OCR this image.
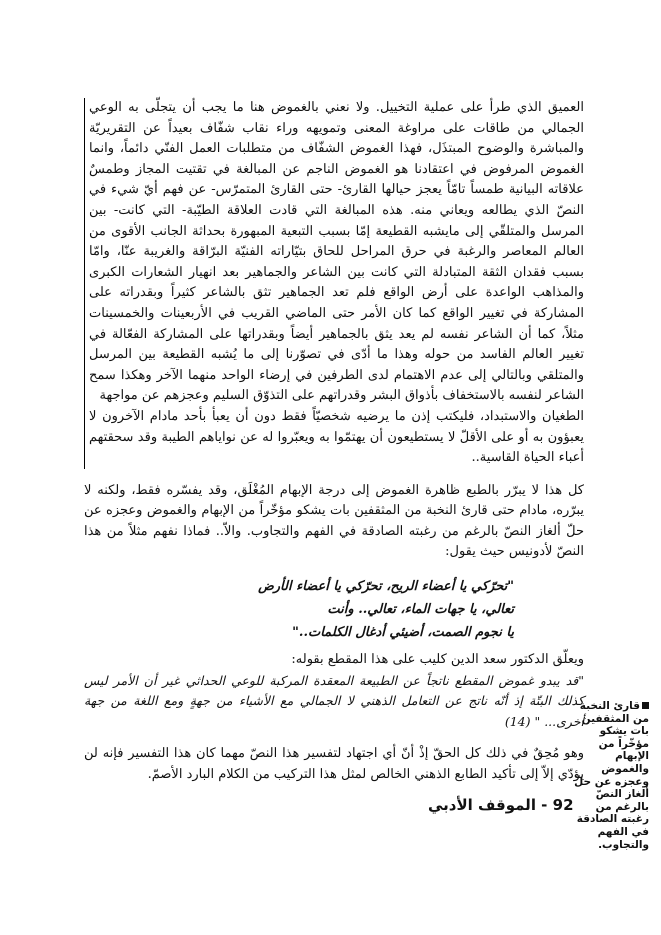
العميق الذي طرأ على عملية التخييل. ولا نعني بالغموض هنا ما يجب أن يتجلّى به الوعي الجمالي من طاقات على مراوغة المعنى وتمويهه وراء نقاب شفّاف بعيداً عن التقريريّة والمباشرة والوضوح المبتذَل، فهذا الغموض الشفّاف من متطلبات العمل الفنّي دائماً، وانما الغموض المرفوض في اعتقادنا هو الغموض الناجم عن المبالغة في تقتيت المجاز وطمسٌ علاقاته البيانية طمساً تامّاً يعجز حيالها القارئ- حتى القارئ المتمرّس- عن فهم أيّ شيء في النصّ الذي يطالعه ويعاني منه. هذه المبالغة التي قادت العلاقة الطيّبة- التي كانت- بين المرسل والمتلقّي إلى مايشبه القطيعة إمّا بسبب التبعية المبهورة بحداثة الجانب الأقوى من العالم المعاصر والرغبة في حرق المراحل للحاق بتيّاراته الفنيّة البرّاقة والغريبة عنّا، وامّا بسبب فقدان الثقة المتبادلة التي كانت بين الشاعر والجماهير بعد انهيار الشعارات الكبرى والمذاهب الواعدة على أرض الواقع فلم تعد الجماهير تثق بالشاعر كثيراً وبقدراته على المشاركة في تغيير الواقع كما كان الأمر حتى الماضي القريب في الأربعينات والخمسينات مثلاً، كما أن الشاعر نفسه لم يعد يثق بالجماهير أيضاً وبقدراتها على المشاركة الفعّالة في تغيير العالم الفاسد من حوله وهذا ما أدّى في تصوّرنا إلى ما يُشبه القطيعة بين المرسل والمتلقي وبالتالي إلى عدم الاهتمام لدى الطرفين في إرضاء الواحد منهما الآخر وهكذا سمح الشاعر لنفسه بالاستخفاف بأذواق البشر وقدراتهم على التذوّق السليم وعجزهم عن مواجهة

الطغيان والاستبداد، فليكتب إذن ما يرضيه شخصيّاً فقط دون أن يعبأ بأحد مادام الآخرون لا يعبؤون به أو على الأقلّ لا يستطيعون أن يهتمّوا به ويعبّروا له عن نواياهم الطيبة وقد سحقتهم أعباء الحياة القاسية..

كل هذا لا يبرّر بالطبع ظاهرة الغموض إلى درجة الإبهام المُغْلَق، وقد يفسّره فقط، ولكنه لا يبرّره، مادام حتى قارئ النخبة من المثقفين بات يشكو مؤخّراً من الإبهام والغموض وعجزه عن حلّ ألغاز النصّ بالرغم من رغبته الصادقة في الفهم والتجاوب. والاّ.. فماذا نفهم مثلاً من هذا النصّ لأدونيس حيث يقول:

"تحرّكي يا أعضاء الريح، تحرّكي يا أعضاء الأرض
تعالي، يا جهات الماء، تعالي.. وأنت
يا نجوم الصمت، أضيئي أدغال الكلمات.."

ويعلّق الدكتور سعد الدين كليب على هذا المقطع بقوله:

"قد يبدو غموض المقطع ناتجاً عن الطبيعة المعقدة المركبة للوعي الحداثي غير أن الأمر ليس كذلك البتّة إذ أنّه ناتج عن التعامل الذهني لا الجمالي مع الأشياء من جهةٍ ومع اللغة من جهة أخرى... " (14)

وهو مُحِقٌ في ذلك كل الحقّ إذْ أنّ أي اجتهاد لتفسير هذا النصّ مهما كان هذا التفسير فإنه لن يؤدّي إلاّ إلى تأكيد الطابع الذهني الخالص لمثل هذا التركيب من الكلام البارد الأصمّ.

92 - الموقف الأدبي
قارئ النخبة من المثقفين بات يشكو مؤخّراً من الإبهام والغموض وعجزه عن حلّ ألغاز النصّ بالرغم من رغبته الصادقة في الفهم والتجاوب.
